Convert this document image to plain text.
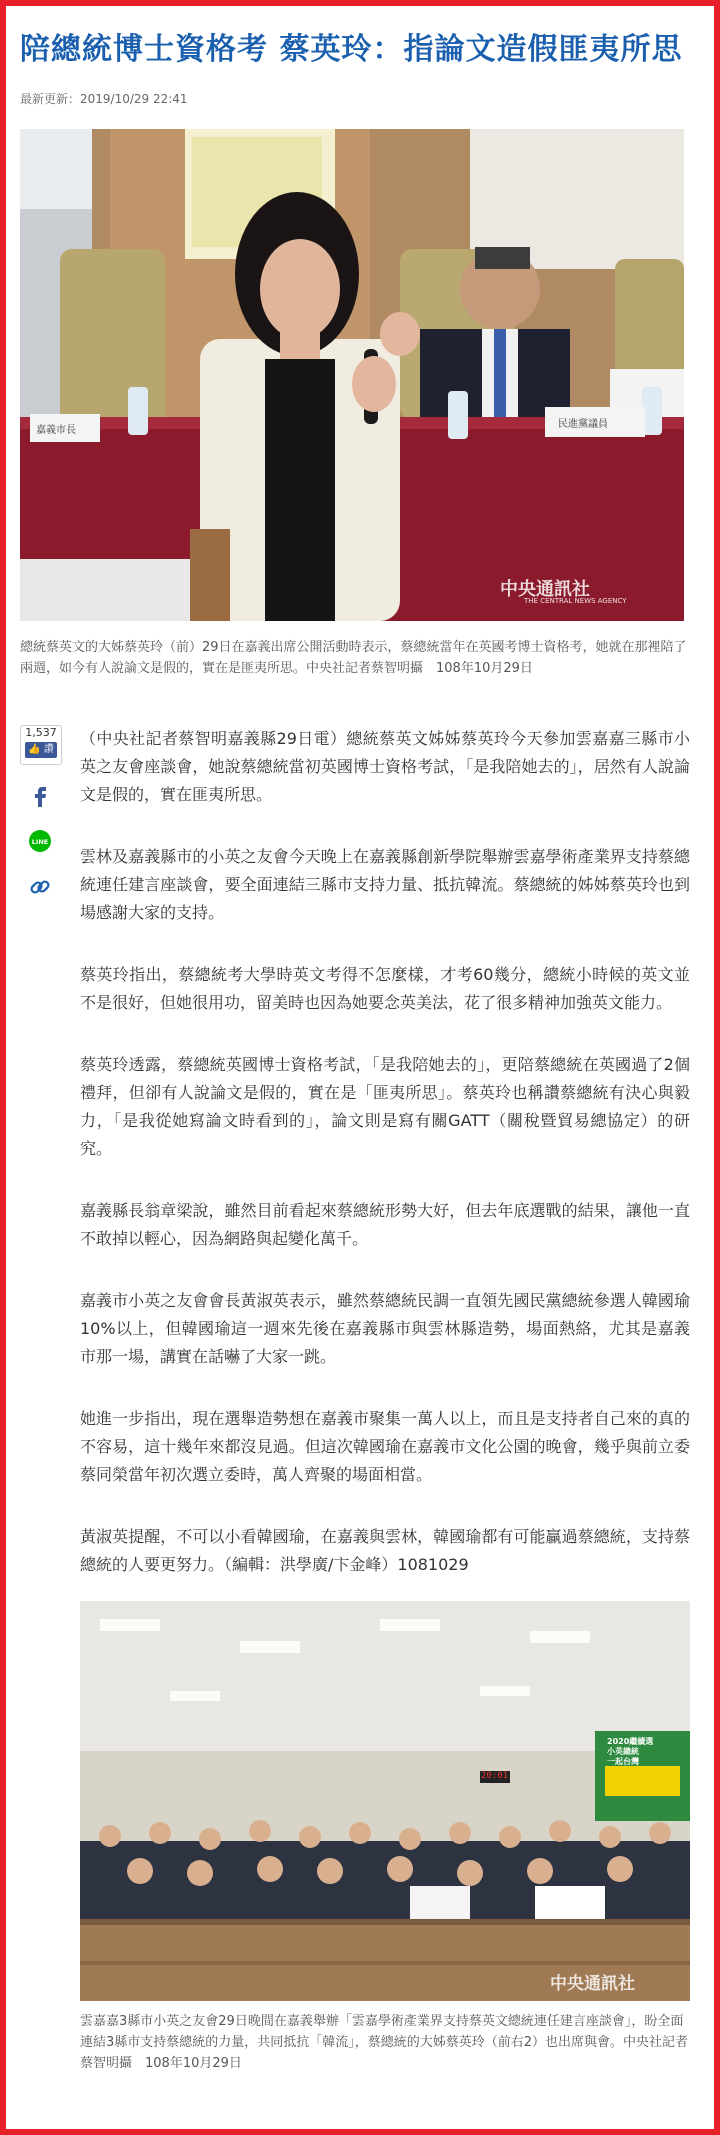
陪總統博士資格考 蔡英玲：指論文造假匪夷所思
最新更新：2019/10/29 22:41
中央通訊社
THE CENTRAL NEWS AGENCY
嘉義市長
民進黨議員
總統蔡英文的大姊蔡英玲（前）29日在嘉義出席公開活動時表示，蔡總統當年在英國考博士資格考，她就在那裡陪了兩週，如今有人說論文是假的，實在是匪夷所思。中央社記者蔡智明攝　108年10月29日
1,537
👍 讚

LINE

（中央社記者蔡智明嘉義縣29日電）總統蔡英文姊姊蔡英玲今天參加雲嘉嘉三縣市小英之友會座談會，她說蔡總統當初英國博士資格考試，「是我陪她去的」，居然有人說論文是假的，實在匪夷所思。

雲林及嘉義縣市的小英之友會今天晚上在嘉義縣創新學院舉辦雲嘉學術產業界支持蔡總統連任建言座談會，要全面連結三縣市支持力量、抵抗韓流。蔡總統的姊姊蔡英玲也到場感謝大家的支持。

蔡英玲指出，蔡總統考大學時英文考得不怎麼樣，才考60幾分，總統小時候的英文並不是很好，但她很用功，留美時也因為她要念英美法，花了很多精神加強英文能力。

蔡英玲透露，蔡總統英國博士資格考試，「是我陪她去的」，更陪蔡總統在英國過了2個禮拜，但卻有人說論文是假的，實在是「匪夷所思」。蔡英玲也稱讚蔡總統有決心與毅力，「是我從她寫論文時看到的」，論文則是寫有關GATT（關稅暨貿易總協定）的研究。

嘉義縣長翁章梁說，雖然目前看起來蔡總統形勢大好，但去年底選戰的結果，讓他一直不敢掉以輕心，因為網路與起變化萬千。

嘉義市小英之友會會長黃淑英表示，雖然蔡總統民調一直領先國民黨總統參選人韓國瑜10%以上，但韓國瑜這一週來先後在嘉義縣市與雲林縣造勢，場面熱絡，尤其是嘉義市那一場，講實在話嚇了大家一跳。

她進一步指出，現在選舉造勢想在嘉義市聚集一萬人以上，而且是支持者自己來的真的不容易，這十幾年來都沒見過。但這次韓國瑜在嘉義市文化公園的晚會，幾乎與前立委蔡同榮當年初次選立委時，萬人齊聚的場面相當。

黃淑英提醒，不可以小看韓國瑜，在嘉義與雲林，韓國瑜都有可能贏過蔡總統，支持蔡總統的人要更努力。（編輯：洪學廣/卞金峰）1081029

中央通訊社
2020繼續選
小英總統
一起台灣
20:01
雲嘉嘉3縣市小英之友會29日晚間在嘉義舉辦「雲嘉學術產業界支持蔡英文總統連任建言座談會」，盼全面連結3縣市支持蔡總統的力量，共同抵抗「韓流」，蔡總統的大姊蔡英玲（前右2）也出席與會。中央社記者蔡智明攝　108年10月29日
